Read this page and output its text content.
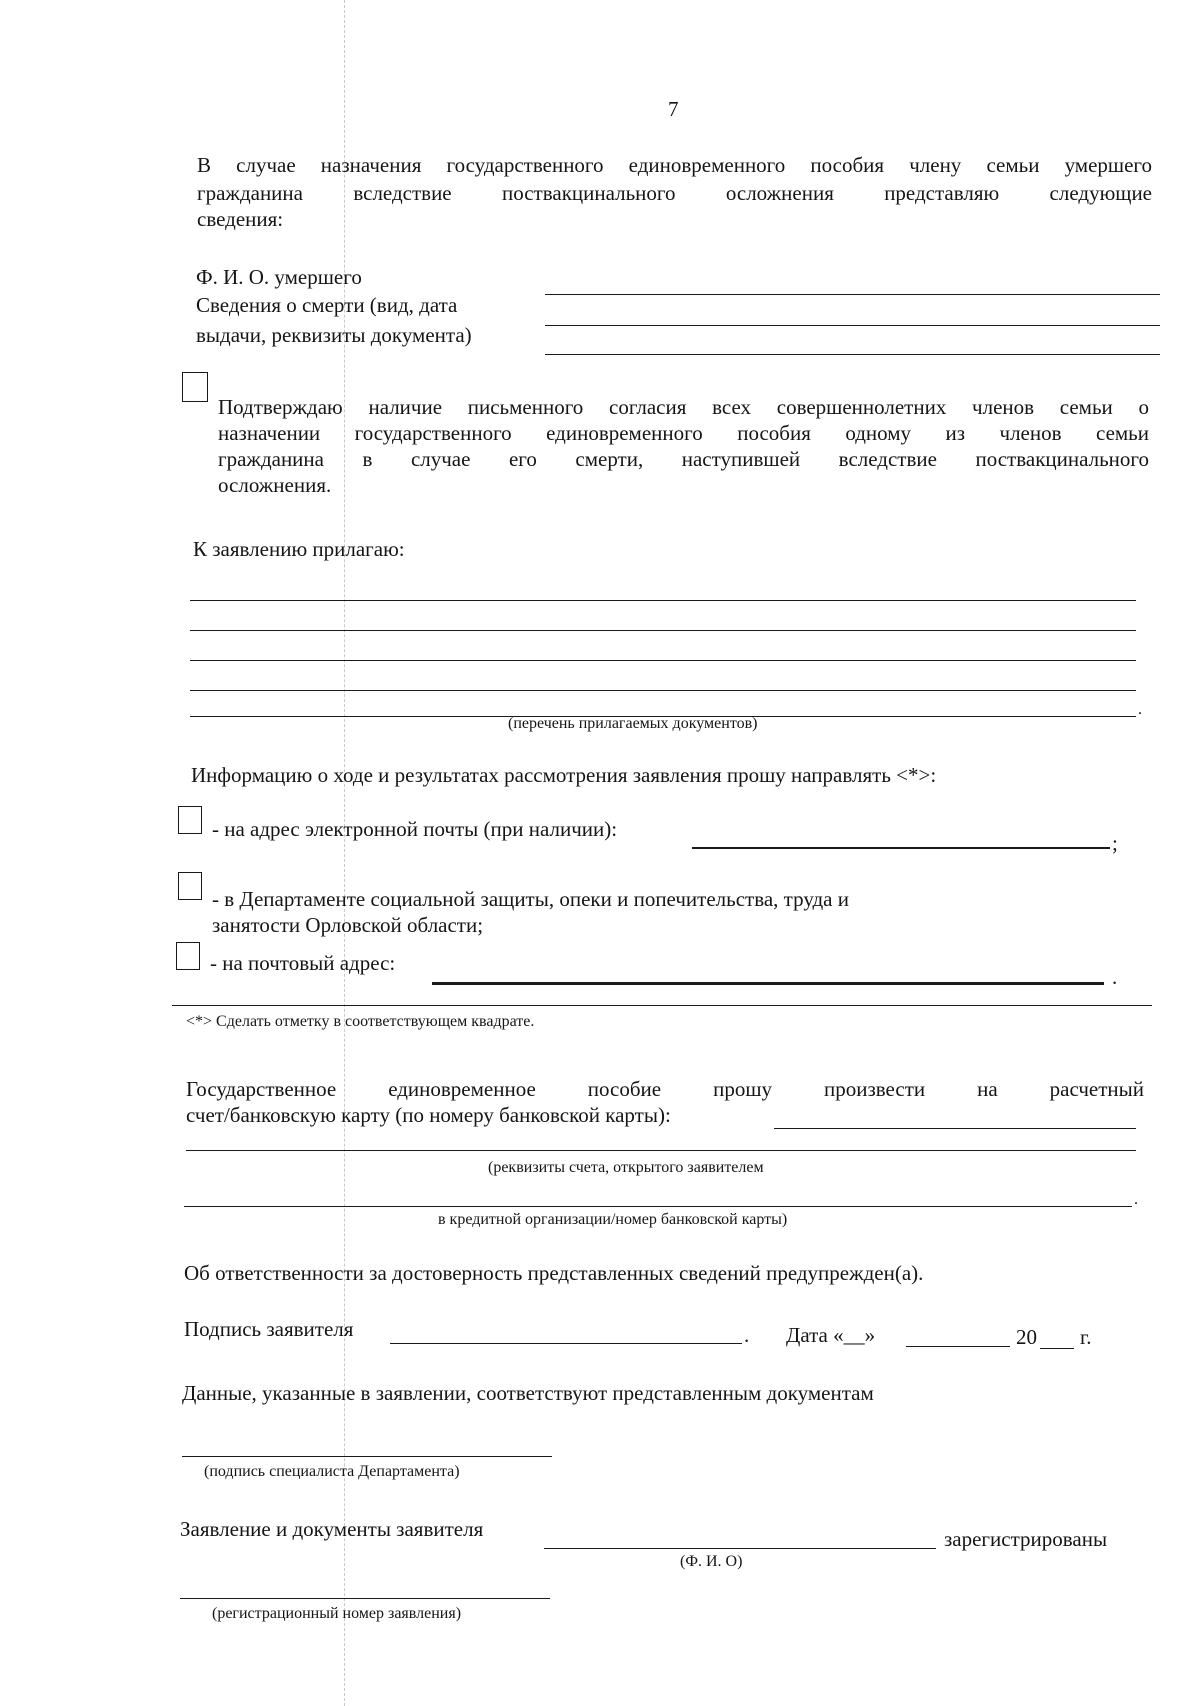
7
В случае назначения государственного единовременного пособия члену семьи умершего
гражданина вследствие поствакцинального осложнения представляю следующие
сведения:
Ф. И. О. умершего
Сведения о смерти (вид, дата
выдачи, реквизиты документа)
Подтверждаю наличие письменного согласия всех совершеннолетних членов семьи о
назначении государственного единовременного пособия одному из членов семьи
гражданина в случае его смерти, наступившей вследствие поствакцинального
осложнения.
К заявлению прилагаю:
.
(перечень прилагаемых документов)
Информацию о ходе и результатах рассмотрения заявления прошу направлять <*>:
- на адрес электронной почты (при наличии):
;
- в Департаменте социальной защиты, опеки и попечительства, труда и
занятости Орловской области;
- на почтовый адрес:
.
<*> Сделать отметку в соответствующем квадрате.
Государственное единовременное пособие прошу произвести на расчетный
счет/банковскую карту (по номеру банковской карты):
(реквизиты счета, открытого заявителем
.
в кредитной организации/номер банковской карты)
Об ответственности за достоверность представленных сведений предупрежден(а).
Подпись заявителя	. Дата «__»	20 г.
Данные, указанные в заявлении, соответствуют представленным документам
(подпись специалиста Департамента)
Заявление и документы заявителя	зарегистрированы
(Ф. И. О)
(регистрационный номер заявления)
